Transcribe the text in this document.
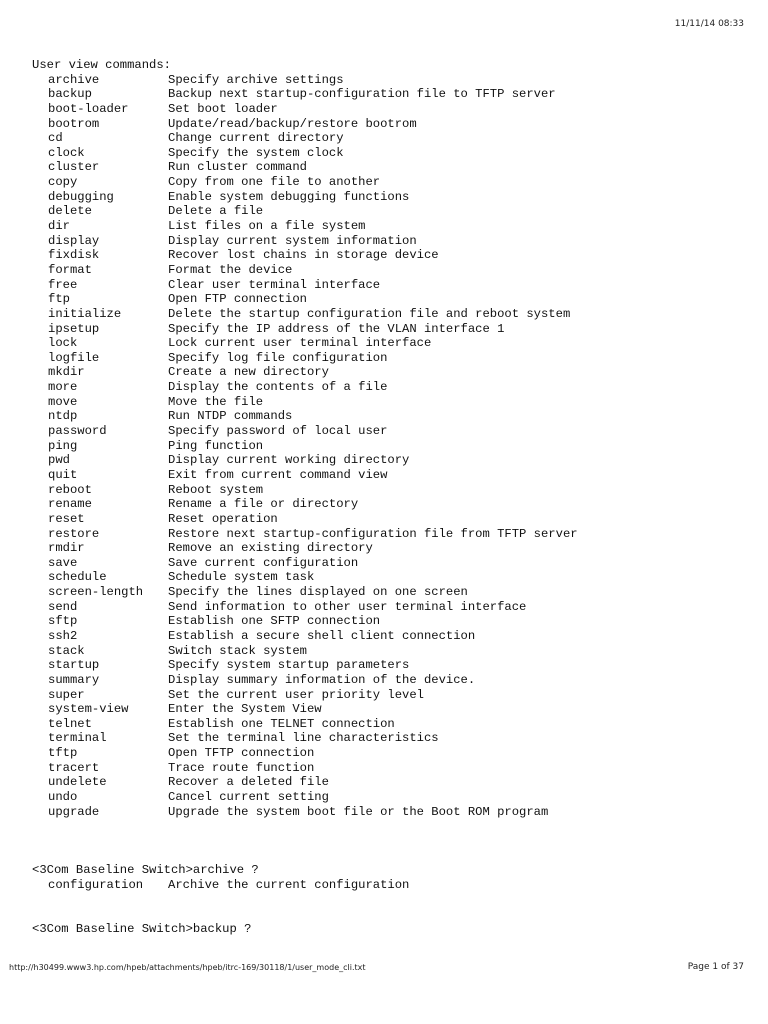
11/11/14 08:33
User view commands:
archive	Specify archive settings
backup	Backup next startup-configuration file to TFTP server
boot-loader	Set boot loader
bootrom	Update/read/backup/restore bootrom
cd	Change current directory
clock	Specify the system clock
cluster	Run cluster command
copy	Copy from one file to another
debugging	Enable system debugging functions
delete	Delete a file
dir	List files on a file system
display	Display current system information
fixdisk	Recover lost chains in storage device
format	Format the device
free	Clear user terminal interface
ftp	Open FTP connection
initialize	Delete the startup configuration file and reboot system
ipsetup	Specify the IP address of the VLAN interface 1
lock	Lock current user terminal interface
logfile	Specify log file configuration
mkdir	Create a new directory
more	Display the contents of a file
move	Move the file
ntdp	Run NTDP commands
password	Specify password of local user
ping	Ping function
pwd	Display current working directory
quit	Exit from current command view
reboot	Reboot system
rename	Rename a file or directory
reset	Reset operation
restore	Restore next startup-configuration file from TFTP server
rmdir	Remove an existing directory
save	Save current configuration
schedule	Schedule system task
screen-length	Specify the lines displayed on one screen
send	Send information to other user terminal interface
sftp	Establish one SFTP connection
ssh2	Establish a secure shell client connection
stack	Switch stack system
startup	Specify system startup parameters
summary	Display summary information of the device.
super	Set the current user priority level
system-view	Enter the System View
telnet	Establish one TELNET connection
terminal	Set the terminal line characteristics
tftp	Open TFTP connection
tracert	Trace route function
undelete	Recover a deleted file
undo	Cancel current setting
upgrade	Upgrade the system boot file or the Boot ROM program
<3Com Baseline Switch>archive ?
configuration	Archive the current configuration
<3Com Baseline Switch>backup ?
http://h30499.www3.hp.com/hpeb/attachments/hpeb/itrc-169/30118/1/user_mode_cli.txt	Page 1 of 37
